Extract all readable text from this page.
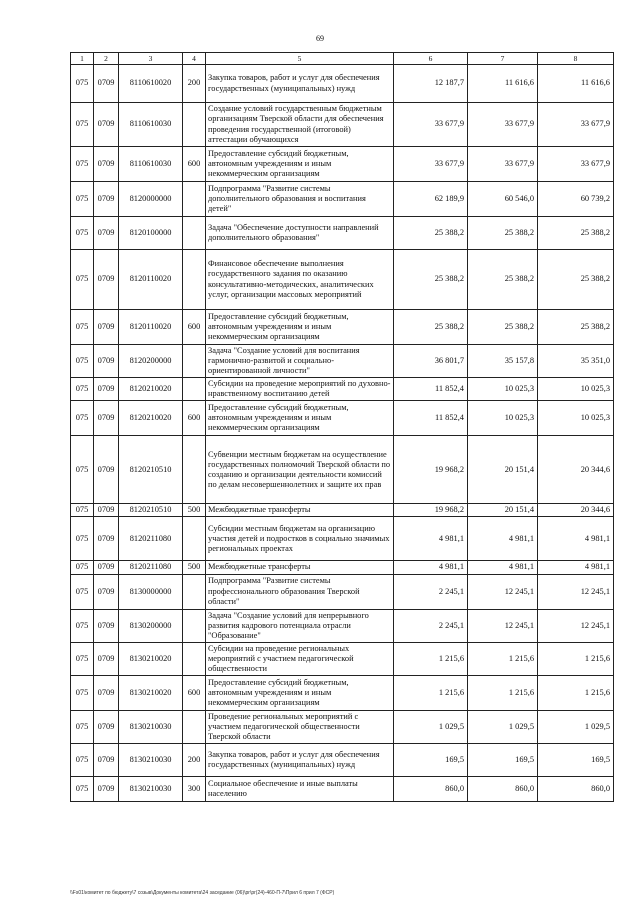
69
1	2	3	4	5	6	7	8
075	0709	8110610020	200	Закупка товаров, работ и услуг для обеспечения государственных (муниципальных) нужд	12 187,7	11 616,6	11 616,6
075	0709	8110610030		Создание условий государственным бюджетным организациям Тверской области для обеспечения проведения государственной (итоговой) аттестации обучающихся	33 677,9	33 677,9	33 677,9
075	0709	8110610030	600	Предоставление субсидий бюджетным, автономным учреждениям и иным некоммерческим организациям	33 677,9	33 677,9	33 677,9
075	0709	8120000000		Подпрограмма "Развитие системы дополнительного образования и воспитания детей"	62 189,9	60 546,0	60 739,2
075	0709	8120100000		Задача "Обеспечение доступности направлений дополнительного образования"	25 388,2	25 388,2	25 388,2
075	0709	8120110020		Финансовое обеспечение выполнения государственного задания по оказанию консультативно-методических, аналитических услуг, организации массовых мероприятий	25 388,2	25 388,2	25 388,2
075	0709	8120110020	600	Предоставление субсидий бюджетным, автономным учреждениям и иным некоммерческим организациям	25 388,2	25 388,2	25 388,2
075	0709	8120200000		Задача "Создание условий для воспитания гармонично-развитой и социально-ориентированной личности"	36 801,7	35 157,8	35 351,0
075	0709	8120210020		Субсидии на проведение мероприятий по духовно-нравственному воспитанию детей	11 852,4	10 025,3	10 025,3
075	0709	8120210020	600	Предоставление субсидий бюджетным, автономным учреждениям и иным некоммерческим организациям	11 852,4	10 025,3	10 025,3
075	0709	8120210510		Субвенции местным бюджетам на осуществление государственных полномочий Тверской области по созданию и организации деятельности комиссий по делам несовершеннолетних и защите их прав	19 968,2	20 151,4	20 344,6
075	0709	8120210510	500	Межбюджетные трансферты	19 968,2	20 151,4	20 344,6
075	0709	8120211080		Субсидии местным бюджетам на организацию участия детей и подростков в социально значимых региональных проектах	4 981,1	4 981,1	4 981,1
075	0709	8120211080	500	Межбюджетные трансферты	4 981,1	4 981,1	4 981,1
075	0709	8130000000		Подпрограмма "Развитие системы профессионального образования Тверской области"	2 245,1	12 245,1	12 245,1
075	0709	8130200000		Задача "Создание условий для непрерывного развития кадрового потенциала отрасли "Образование"	2 245,1	12 245,1	12 245,1
075	0709	8130210020		Субсидии на проведение региональных мероприятий с участием педагогической общественности	1 215,6	1 215,6	1 215,6
075	0709	8130210020	600	Предоставление субсидий бюджетным, автономным учреждениям и иным некоммерческим организациям	1 215,6	1 215,6	1 215,6
075	0709	8130210030		Проведение региональных мероприятий с участием педагогической общественности Тверской области	1 029,5	1 029,5	1 029,5
075	0709	8130210030	200	Закупка товаров, работ и услуг для обеспечения государственных (муниципальных) нужд	169,5	169,5	169,5
075	0709	8130210030	300	Социальное обеспечение и иные выплаты населению	860,0	860,0	860,0
\\Fs01\комитет по бюджету\7 созыв\Документы комитета\24 заседание (06)\pr\pr(24)-460-П-7\Прил 6 прил 7 (ФСР)
